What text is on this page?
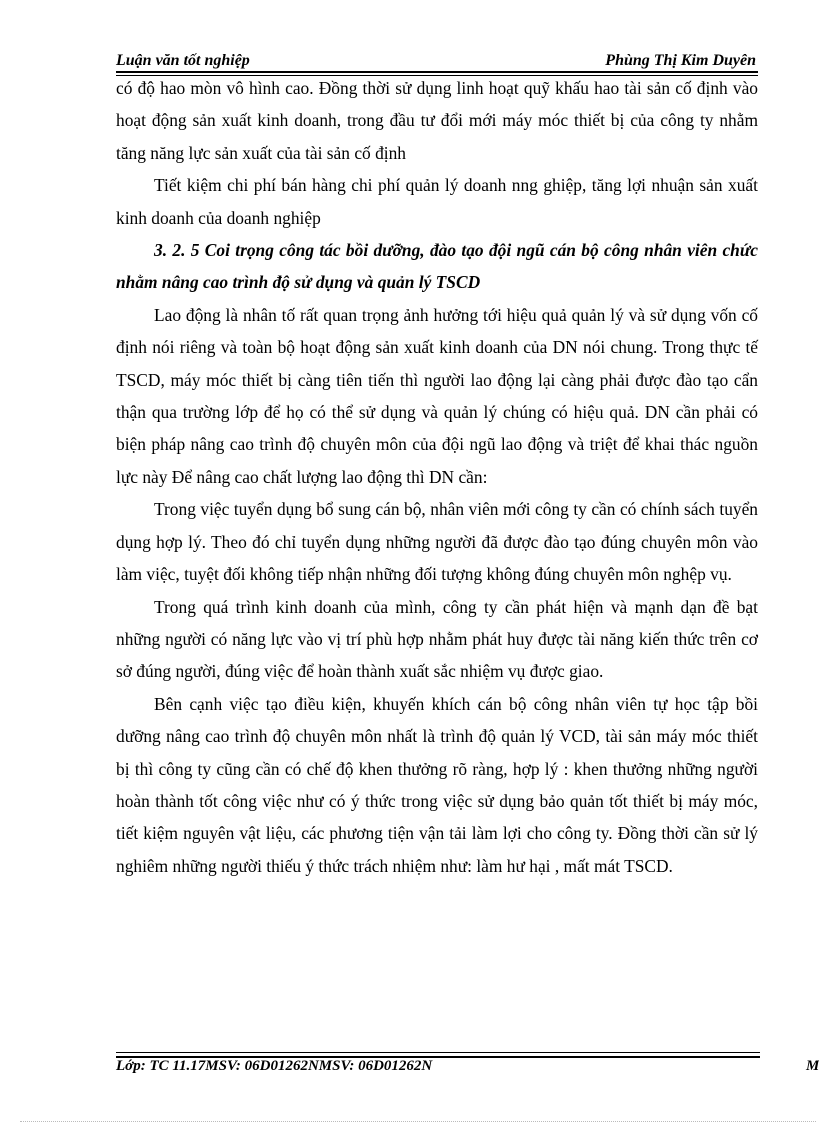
Luận văn tốt nghiệp	Phùng Thị Kim Duyên

có độ hao mòn vô hình cao. Đồng thời sử dụng linh hoạt quỹ khấu hao tài sản cố định vào hoạt động sản xuất kinh doanh, trong đầu tư đổi mới máy móc thiết bị của công ty nhằm tăng năng lực sản xuất của tài sản cố định

Tiết kiệm chi phí bán hàng chi phí quản lý doanh nng ghiệp, tăng lợi nhuận sản xuất kinh doanh của doanh nghiệp

3. 2. 5 Coi trọng công tác bồi dưỡng, đào tạo đội ngũ cán bộ công nhân viên chức nhằm nâng cao trình độ sử dụng và quản lý TSCD

Lao động là nhân tố rất quan trọng ảnh hưởng tới hiệu quả quản lý và sử dụng vốn cố định nói riêng và toàn bộ hoạt động sản xuất kinh doanh của DN nói chung. Trong thực tế TSCD, máy móc thiết bị càng tiên tiến thì người lao động lại càng phải được đào tạo cẩn thận qua trường lớp để họ có thể sử dụng và quản lý chúng có hiệu quả. DN cần phải có biện pháp nâng cao trình độ chuyên môn của đội ngũ lao động và triệt để khai thác nguồn lực này Để nâng cao chất lượng lao động thì DN cần:

Trong việc tuyển dụng bổ sung cán bộ, nhân viên mới công ty cần có chính sách tuyển dụng hợp lý. Theo đó chỉ tuyển dụng những người đã được đào tạo đúng chuyên môn vào làm việc, tuyệt đối không tiếp nhận những đối tượng không đúng chuyên môn nghệp vụ.

Trong quá trình kinh doanh của mình, công ty cần phát hiện và mạnh dạn đề bạt những người có năng lực vào vị trí phù hợp nhằm phát huy được tài năng kiến thức trên cơ sở đúng người, đúng việc để hoàn thành xuất sắc nhiệm vụ được giao.

Bên cạnh việc tạo điều kiện, khuyến khích cán bộ công nhân viên tự học tập bồi dưỡng nâng cao trình độ chuyên môn nhất là trình độ quản lý VCD, tài sản máy móc thiết bị thì công ty cũng cần có chế độ khen thưởng rõ ràng, hợp lý : khen thưởng những người hoàn thành tốt công việc như có ý thức trong việc sử dụng bảo quản tốt thiết bị máy móc, tiết kiệm nguyên vật liệu, các phương tiện vận tải làm lợi cho công ty. Đồng thời cần sử lý nghiêm những người thiếu ý thức trách nhiệm như: làm hư hại , mất mát TSCD.

Lớp: TC 11.17MSV: 06D01262NMSV: 06D01262N	M
